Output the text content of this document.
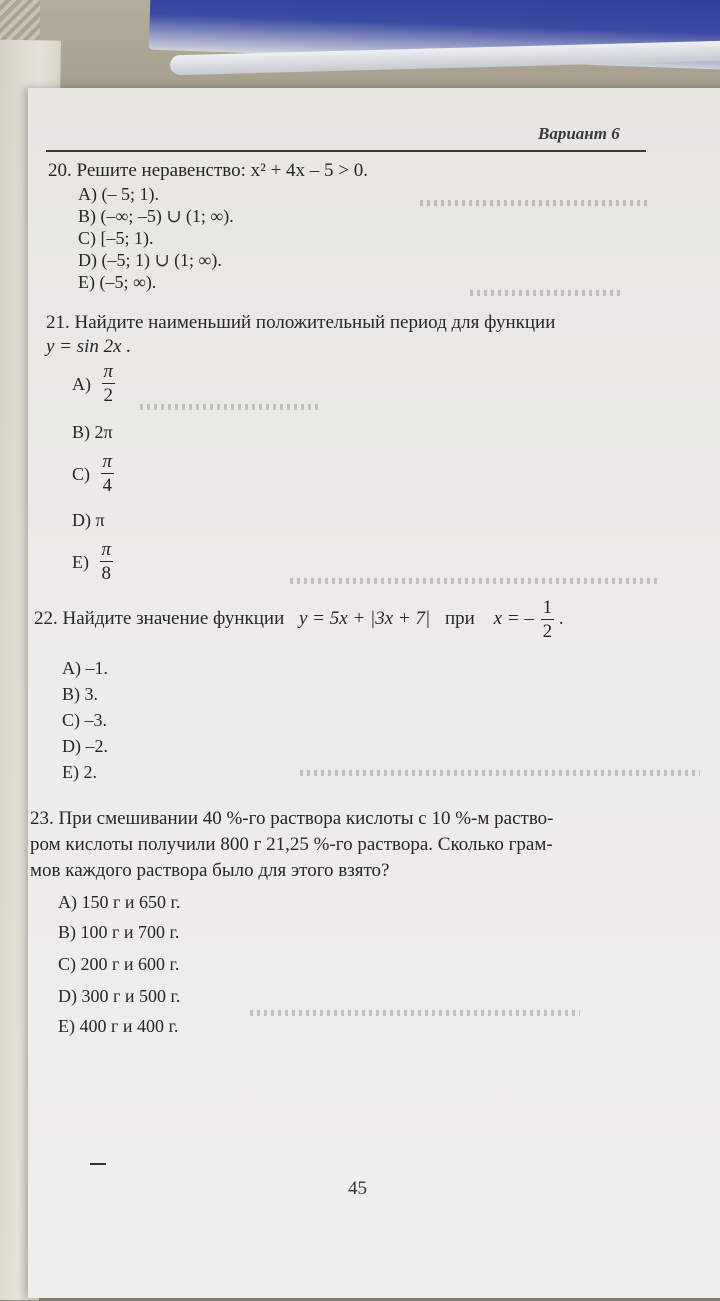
Вариант 6
20. Решите неравенство: x² + 4x – 5 > 0.
A) (– 5; 1).
B) (–∞; –5) ∪ (1; ∞).
C) [–5; 1).
D) (–5; 1) ∪ (1; ∞).
E) (–5; ∞).
21. Найдите наименьший положительный период для функции
y = sin 2x .
$A) \frac{\pi}{2}$
B) 2π
$C) \frac{\pi}{4}$
D) π
$E) \frac{\pi}{8}$
22. Найдите значение функции y = 5x + |3x + 7| при x = – $\frac{1}{2}$ .
A) –1.
B) 3.
C) –3.
D) –2.
E) 2.
23. При смешивании 40 %-го раствора кислоты с 10 %-м раство-
ром кислоты получили 800 г 21,25 %-го раствора. Сколько грам-
мов каждого раствора было для этого взято?
A) 150 г и 650 г.
B) 100 г и 700 г.
C) 200 г и 600 г.
D) 300 г и 500 г.
E) 400 г и 400 г.
45
